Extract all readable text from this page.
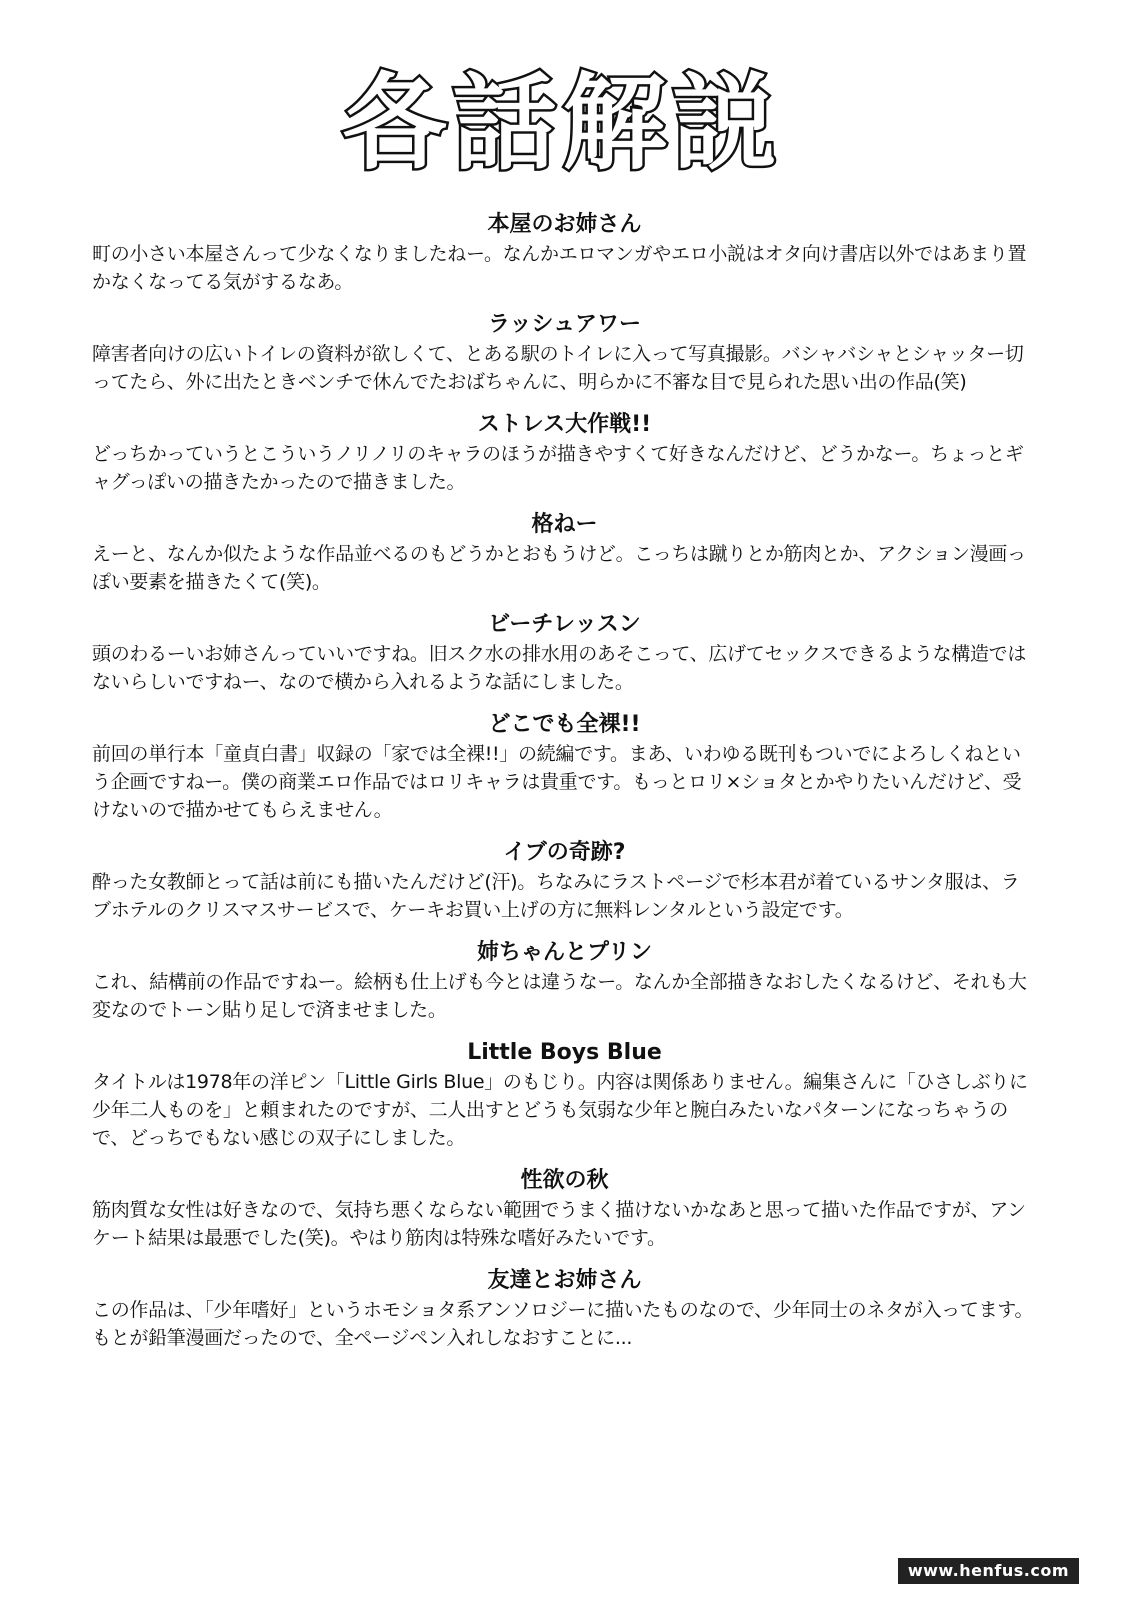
各話解説
本屋のお姉さん
町の小さい本屋さんって少なくなりましたねー。なんかエロマンガやエロ小説はオタ向け書店以外ではあまり置かなくなってる気がするなあ。
ラッシュアワー
障害者向けの広いトイレの資料が欲しくて、とある駅のトイレに入って写真撮影。バシャバシャとシャッター切ってたら、外に出たときベンチで休んでたおばちゃんに、明らかに不審な目で見られた思い出の作品(笑)
ストレス大作戦!!
どっちかっていうとこういうノリノリのキャラのほうが描きやすくて好きなんだけど、どうかなー。ちょっとギャグっぽいの描きたかったので描きました。
格ねー
えーと、なんか似たような作品並べるのもどうかとおもうけど。こっちは蹴りとか筋肉とか、アクション漫画っぽい要素を描きたくて(笑)。
ビーチレッスン
頭のわるーいお姉さんっていいですね。旧スク水の排水用のあそこって、広げてセックスできるような構造ではないらしいですねー、なので横から入れるような話にしました。
どこでも全裸!!
前回の単行本「童貞白書」収録の「家では全裸!!」の続編です。まあ、いわゆる既刊もついでによろしくねという企画ですねー。僕の商業エロ作品ではロリキャラは貴重です。もっとロリ×ショタとかやりたいんだけど、受けないので描かせてもらえません。
イブの奇跡?
酔った女教師とって話は前にも描いたんだけど(汗)。ちなみにラストページで杉本君が着ているサンタ服は、ラブホテルのクリスマスサービスで、ケーキお買い上げの方に無料レンタルという設定です。
姉ちゃんとプリン
これ、結構前の作品ですねー。絵柄も仕上げも今とは違うなー。なんか全部描きなおしたくなるけど、それも大変なのでトーン貼り足しで済ませました。
Little Boys Blue
タイトルは1978年の洋ピン「Little Girls Blue」のもじり。内容は関係ありません。編集さんに「ひさしぶりに少年二人ものを」と頼まれたのですが、二人出すとどうも気弱な少年と腕白みたいなパターンになっちゃうので、どっちでもない感じの双子にしました。
性欲の秋
筋肉質な女性は好きなので、気持ち悪くならない範囲でうまく描けないかなあと思って描いた作品ですが、アンケート結果は最悪でした(笑)。やはり筋肉は特殊な嗜好みたいです。
友達とお姉さん
この作品は、「少年嗜好」というホモショタ系アンソロジーに描いたものなので、少年同士のネタが入ってます。もとが鉛筆漫画だったので、全ページペン入れしなおすことに...
www.henfus.com
